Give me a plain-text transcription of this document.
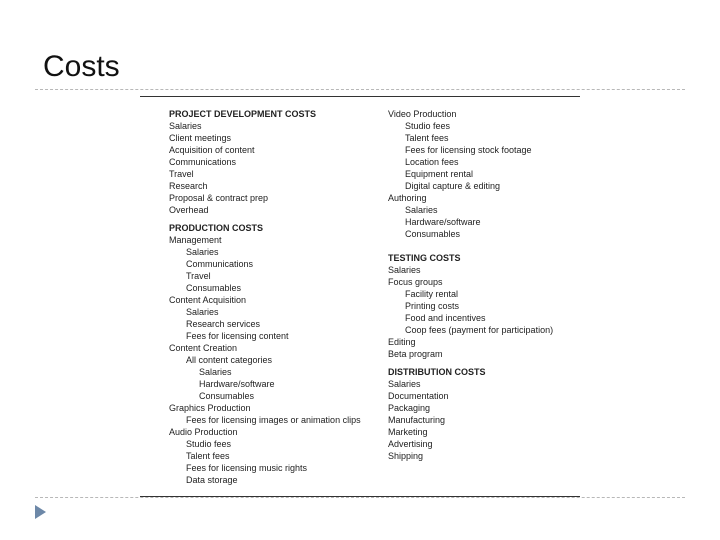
Costs
PROJECT DEVELOPMENT COSTS
Salaries
Client meetings
Acquisition of content
Communications
Travel
Research
Proposal & contract prep
Overhead
PRODUCTION COSTS
Management
Salaries
Communications
Travel
Consumables
Content Acquisition
Salaries
Research services
Fees for licensing content
Content Creation
All content categories
Salaries
Hardware/software
Consumables
Graphics Production
Fees for licensing images or animation clips
Audio Production
Studio fees
Talent fees
Fees for licensing music rights
Data storage
Video Production
Studio fees
Talent fees
Fees for licensing stock footage
Location fees
Equipment rental
Digital capture & editing
Authoring
Salaries
Hardware/software
Consumables
TESTING COSTS
Salaries
Focus groups
Facility rental
Printing costs
Food and incentives
Coop fees (payment for participation)
Editing
Beta program
DISTRIBUTION COSTS
Salaries
Documentation
Packaging
Manufacturing
Marketing
Advertising
Shipping
